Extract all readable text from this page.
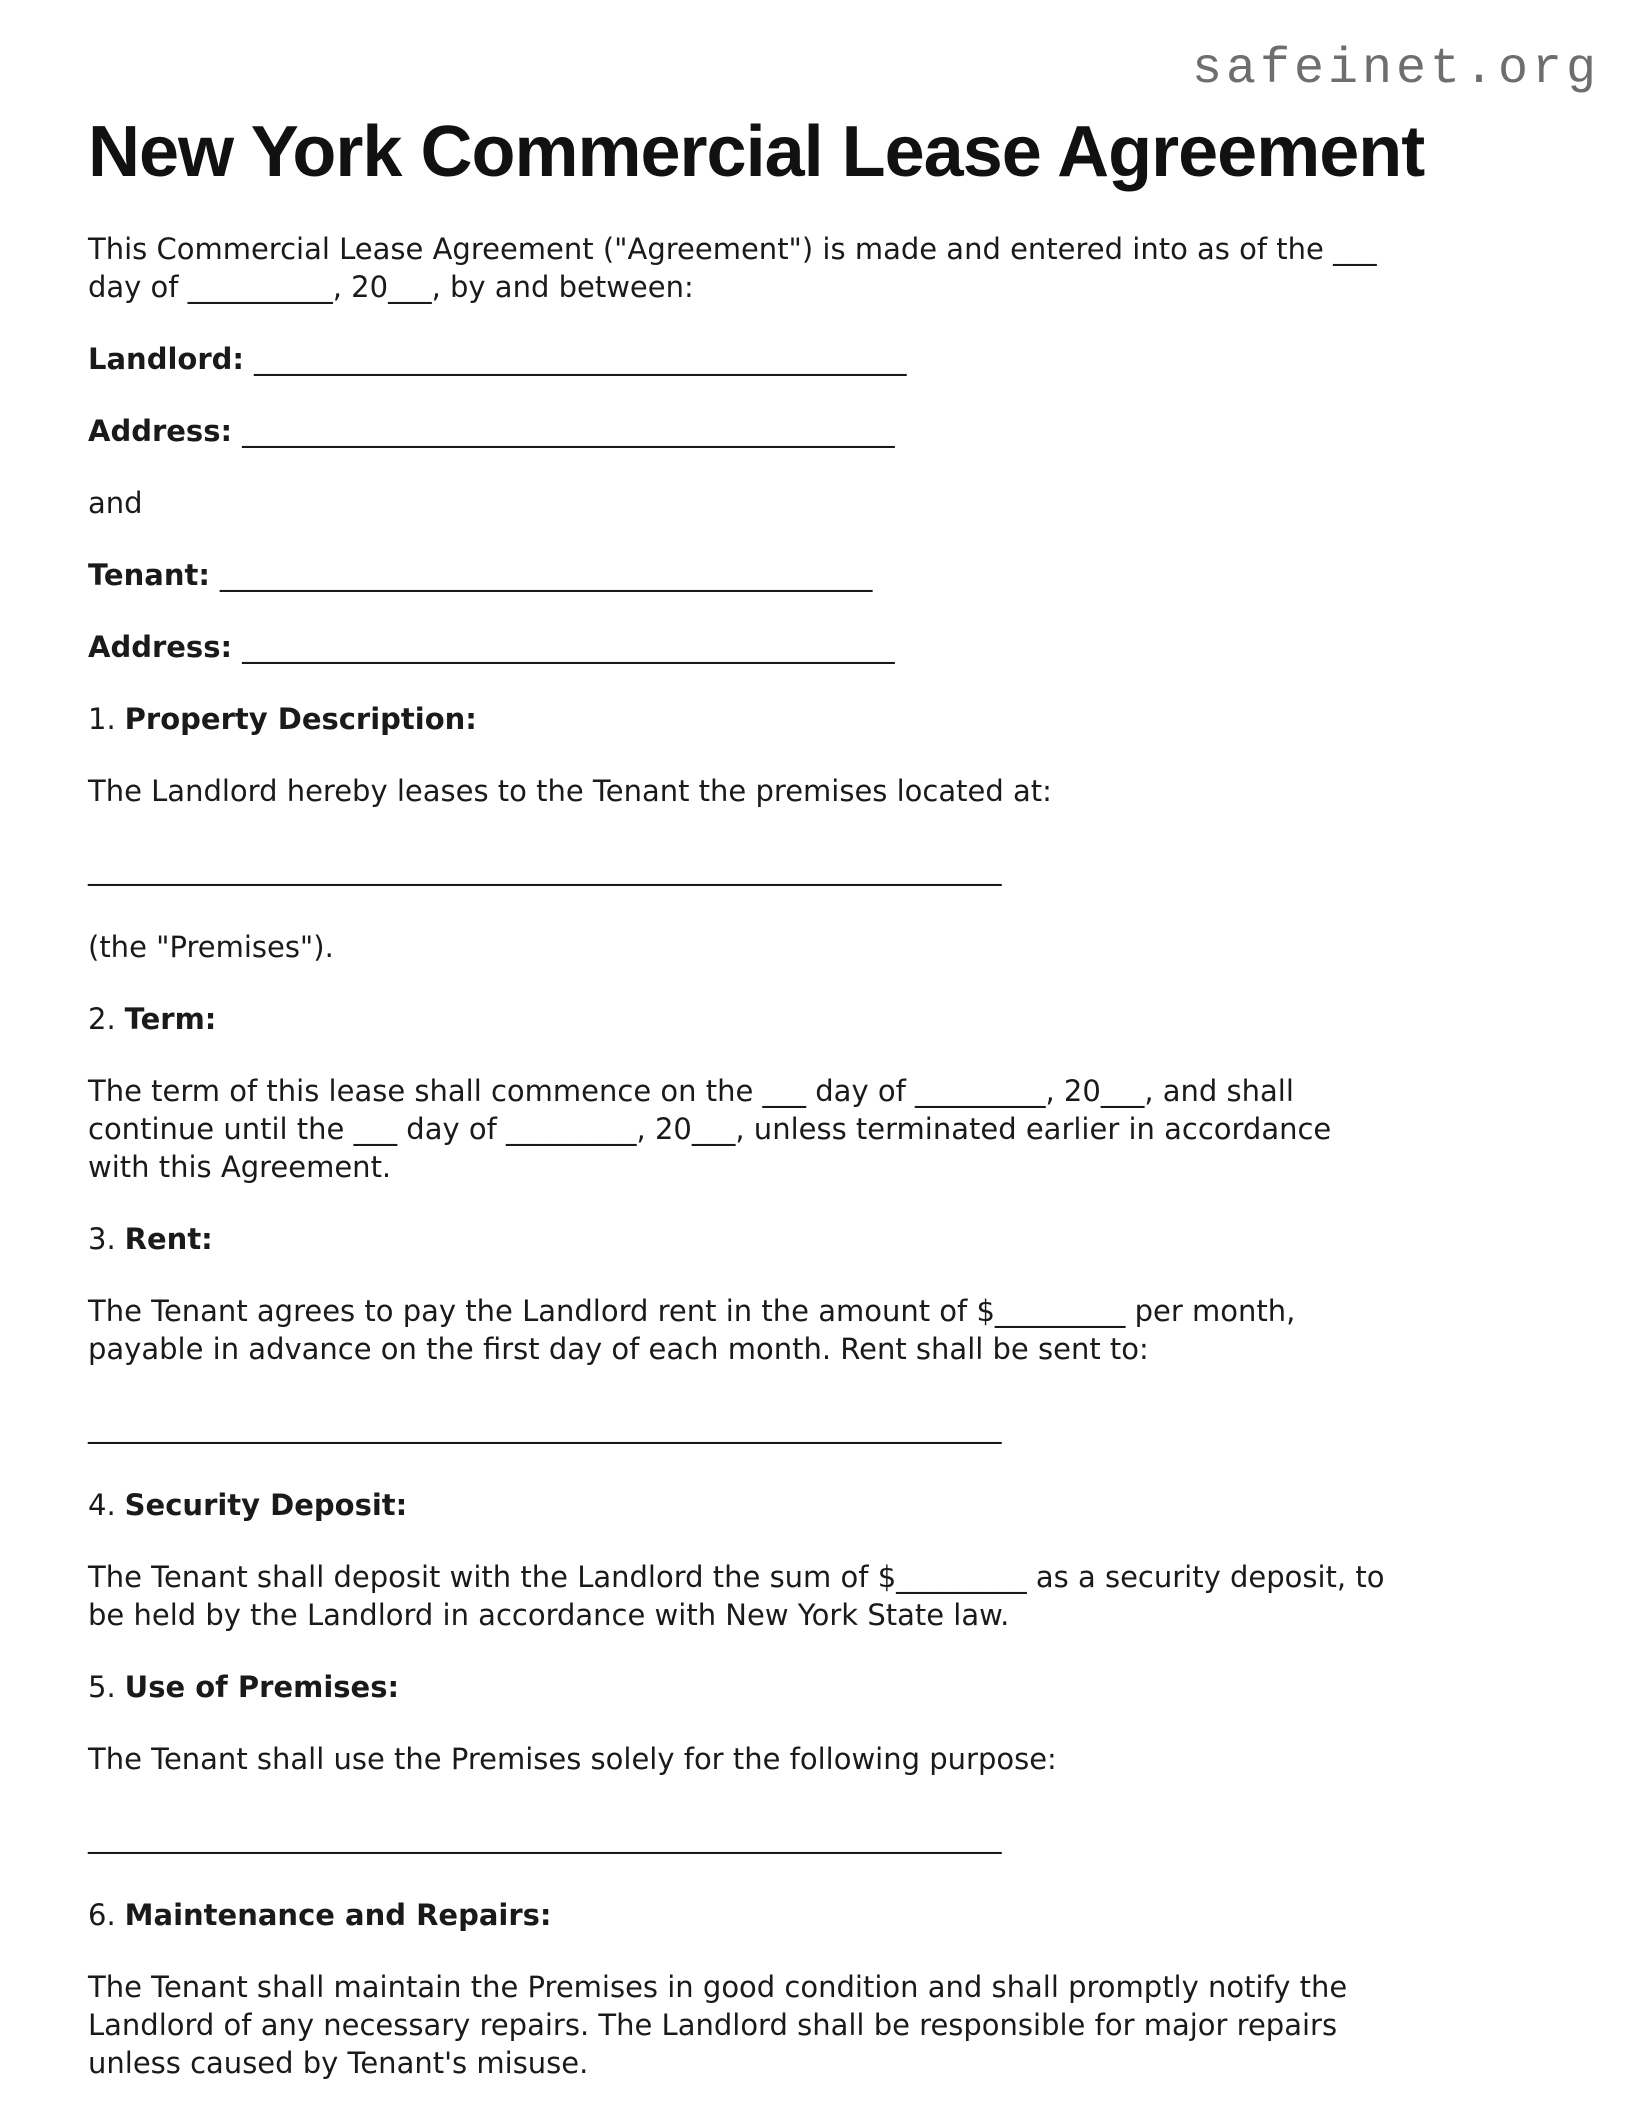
safeinet.org
New York Commercial Lease Agreement

This Commercial Lease Agreement ("Agreement") is made and entered into as of the ___
day of __________, 20___, by and between:

Landlord: _____________________________________________

Address: _____________________________________________

and

Tenant: _____________________________________________

Address: _____________________________________________

1. Property Description:

The Landlord hereby leases to the Tenant the premises located at:

_______________________________________________________________

(the "Premises").

2. Term:

The term of this lease shall commence on the ___ day of _________, 20___, and shall
continue until the ___ day of _________, 20___, unless terminated earlier in accordance
with this Agreement.

3. Rent:

The Tenant agrees to pay the Landlord rent in the amount of $_________ per month,
payable in advance on the first day of each month. Rent shall be sent to:

_______________________________________________________________

4. Security Deposit:

The Tenant shall deposit with the Landlord the sum of $_________ as a security deposit, to
be held by the Landlord in accordance with New York State law.

5. Use of Premises:

The Tenant shall use the Premises solely for the following purpose:

_______________________________________________________________

6. Maintenance and Repairs:

The Tenant shall maintain the Premises in good condition and shall promptly notify the
Landlord of any necessary repairs. The Landlord shall be responsible for major repairs
unless caused by Tenant's misuse.
